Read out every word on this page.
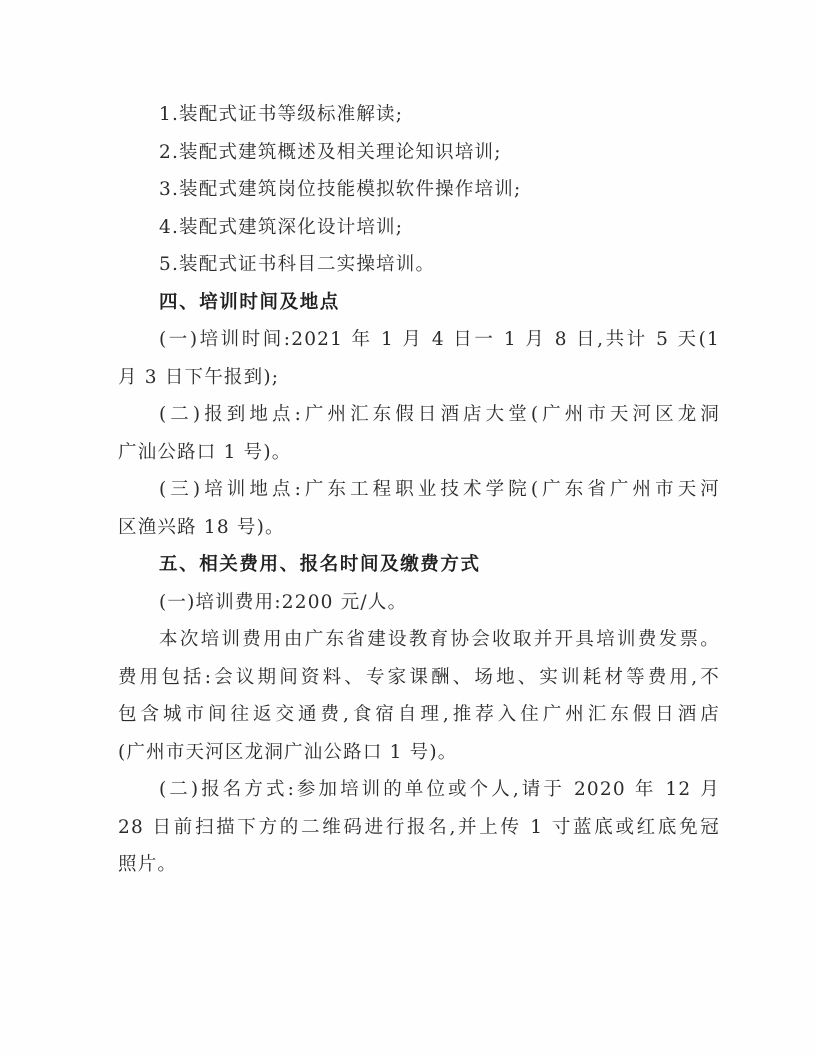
1.装配式证书等级标准解读;
2.装配式建筑概述及相关理论知识培训;
3.装配式建筑岗位技能模拟软件操作培训;
4.装配式建筑深化设计培训;
5.装配式证书科目二实操培训。
四、培训时间及地点
(一)培训时间:2021 年 1 月 4 日一 1 月 8 日,共计 5 天(1
月 3 日下午报到);
(二)报到地点:广州汇东假日酒店大堂(广州市天河区龙洞
广汕公路口 1 号)。
(三)培训地点:广东工程职业技术学院(广东省广州市天河
区渔兴路 18 号)。
五、相关费用、报名时间及缴费方式
(一)培训费用:2200 元/人。
本次培训费用由广东省建设教育协会收取并开具培训费发票。
费用包括:会议期间资料、专家课酬、场地、实训耗材等费用,不
包含城市间往返交通费,食宿自理,推荐入住广州汇东假日酒店
(广州市天河区龙洞广汕公路口 1 号)。
(二)报名方式:参加培训的单位或个人,请于 2020 年 12 月
28 日前扫描下方的二维码进行报名,并上传 1 寸蓝底或红底免冠
照片。
